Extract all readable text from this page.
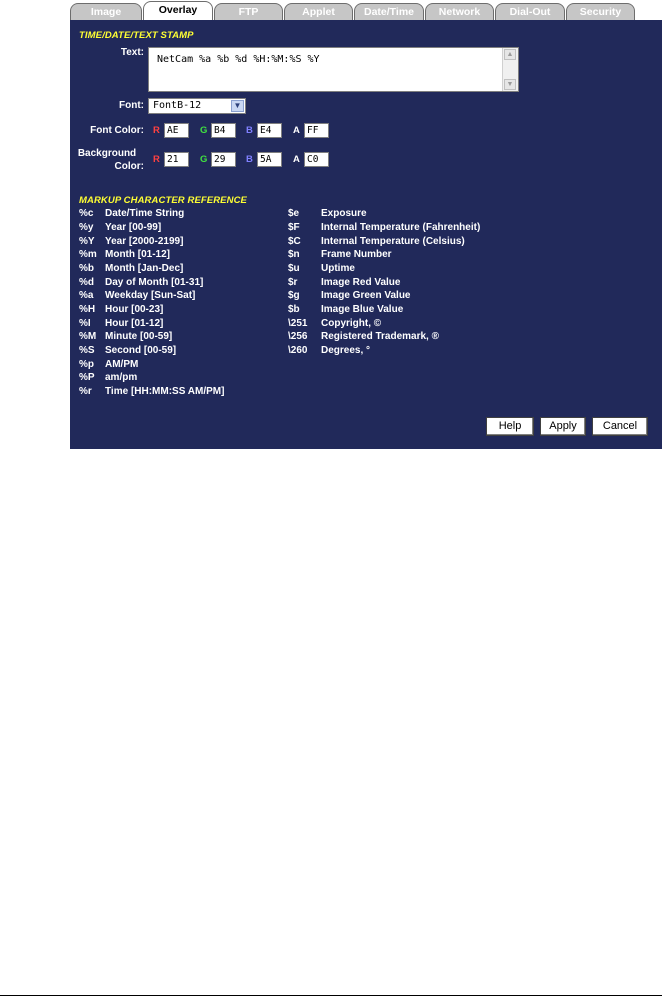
Image	Overlay	FTP	Applet	Date/Time	Network	Dial-Out	Security
TIME/DATE/TEXT STAMP
Text:
NetCam %a %b %d %H:%M:%S %Y	▲
▼
Font: FontB-12	▼
Font Color: R AE	G B4	B E4	A FF
Background
Color:
R 21	G 29	B 5A	A C0
MARKUP CHARACTER REFERENCE
%c Date/Time String
%y Year [00-99]
%Y Year [2000-2199]
%m Month [01-12]
%b Month [Jan-Dec]
%d Day of Month [01-31]
%a Weekday [Sun-Sat]
%H Hour [00-23]
%I Hour [01-12]
%M Minute [00-59]
%S Second [00-59]
%p AM/PM
%P am/pm
%r Time [HH:MM:SS AM/PM]
$e Exposure
$F Internal Temperature (Fahrenheit)
$C Internal Temperature (Celsius)
$n Frame Number
$u Uptime
$r Image Red Value
$g Image Green Value
$b Image Blue Value
\251 Copyright, ©
\256 Registered Trademark, ®
\260 Degrees, °
Help	Apply	Cancel
